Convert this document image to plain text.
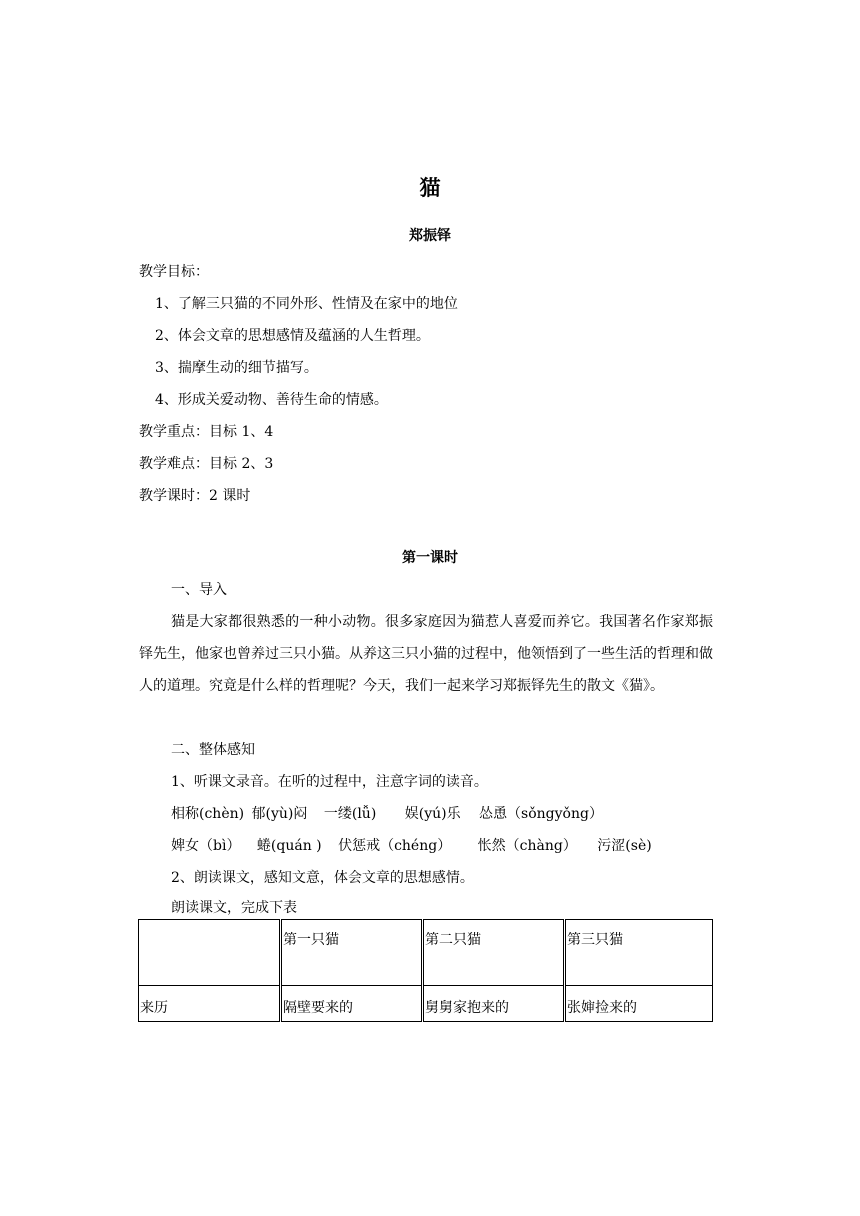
猫
郑振铎
教学目标：
1、了解三只猫的不同外形、性情及在家中的地位
2、体会文章的思想感情及蕴涵的人生哲理。
3、揣摩生动的细节描写。
4、形成关爱动物、善待生命的情感。
教学重点：目标 1、4
教学难点：目标 2、3
教学课时：2 课时
第一课时
一、导入
猫是大家都很熟悉的一种小动物。很多家庭因为猫惹人喜爱而养它。我国著名作家郑振铎先生，他家也曾养过三只小猫。从养这三只小猫的过程中，他领悟到了一些生活的哲理和做人的道理。究竟是什么样的哲理呢？今天，我们一起来学习郑振铎先生的散文《猫》。
二、整体感知
1、听课文录音。在听的过程中，注意字词的读音。
相称(chèn) 郁(yù)闷 一缕(lǚ) 娱(yú)乐 怂恿（sǒngyǒng）
婢女（bì） 蜷(quán ) 伏惩戒（chéng） 怅然（chàng） 污涩(sè)
2、朗读课文，感知文意，体会文章的思想感情。
朗读课文，完成下表
	第一只猫	第二只猫	第三只猫
来历	隔壁要来的	舅舅家抱来的	张婶捡来的
